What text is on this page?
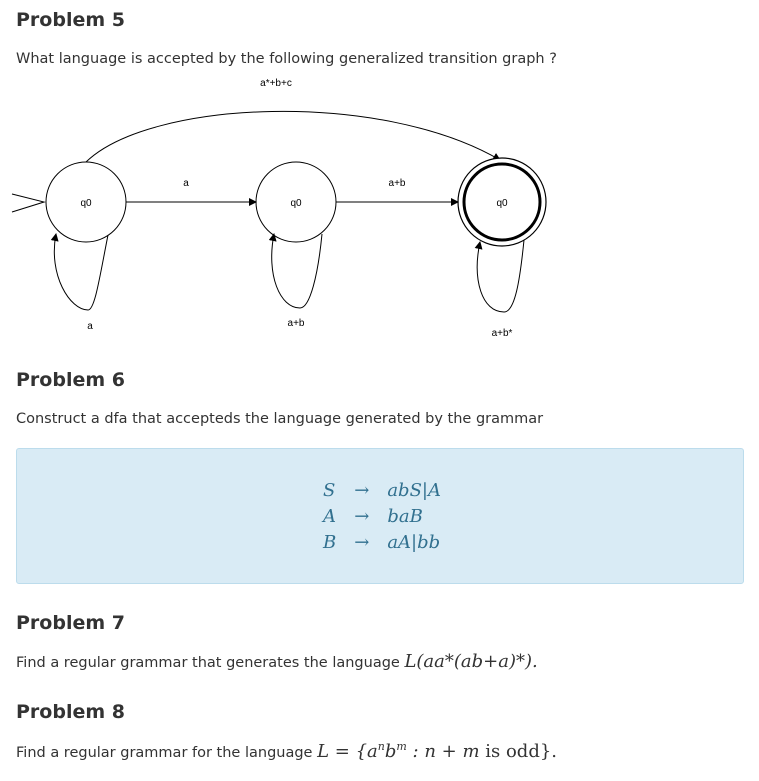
Problem 5

What language is accepted by the following generalized transition graph ?

a*+b+c
q0	q0	q0
a	a+b
a	a+b
a+b*
Problem 6

Construct a dfa that accepteds the language generated by the grammar

S	→	abS|A
A	→	baB
B	→	aA|bb
Problem 7

Find a regular grammar that generates the language L(aa*(ab+a)*).

Problem 8

Find a regular grammar for the language $L = \{a^nb^m$ : n + m is odd}.
